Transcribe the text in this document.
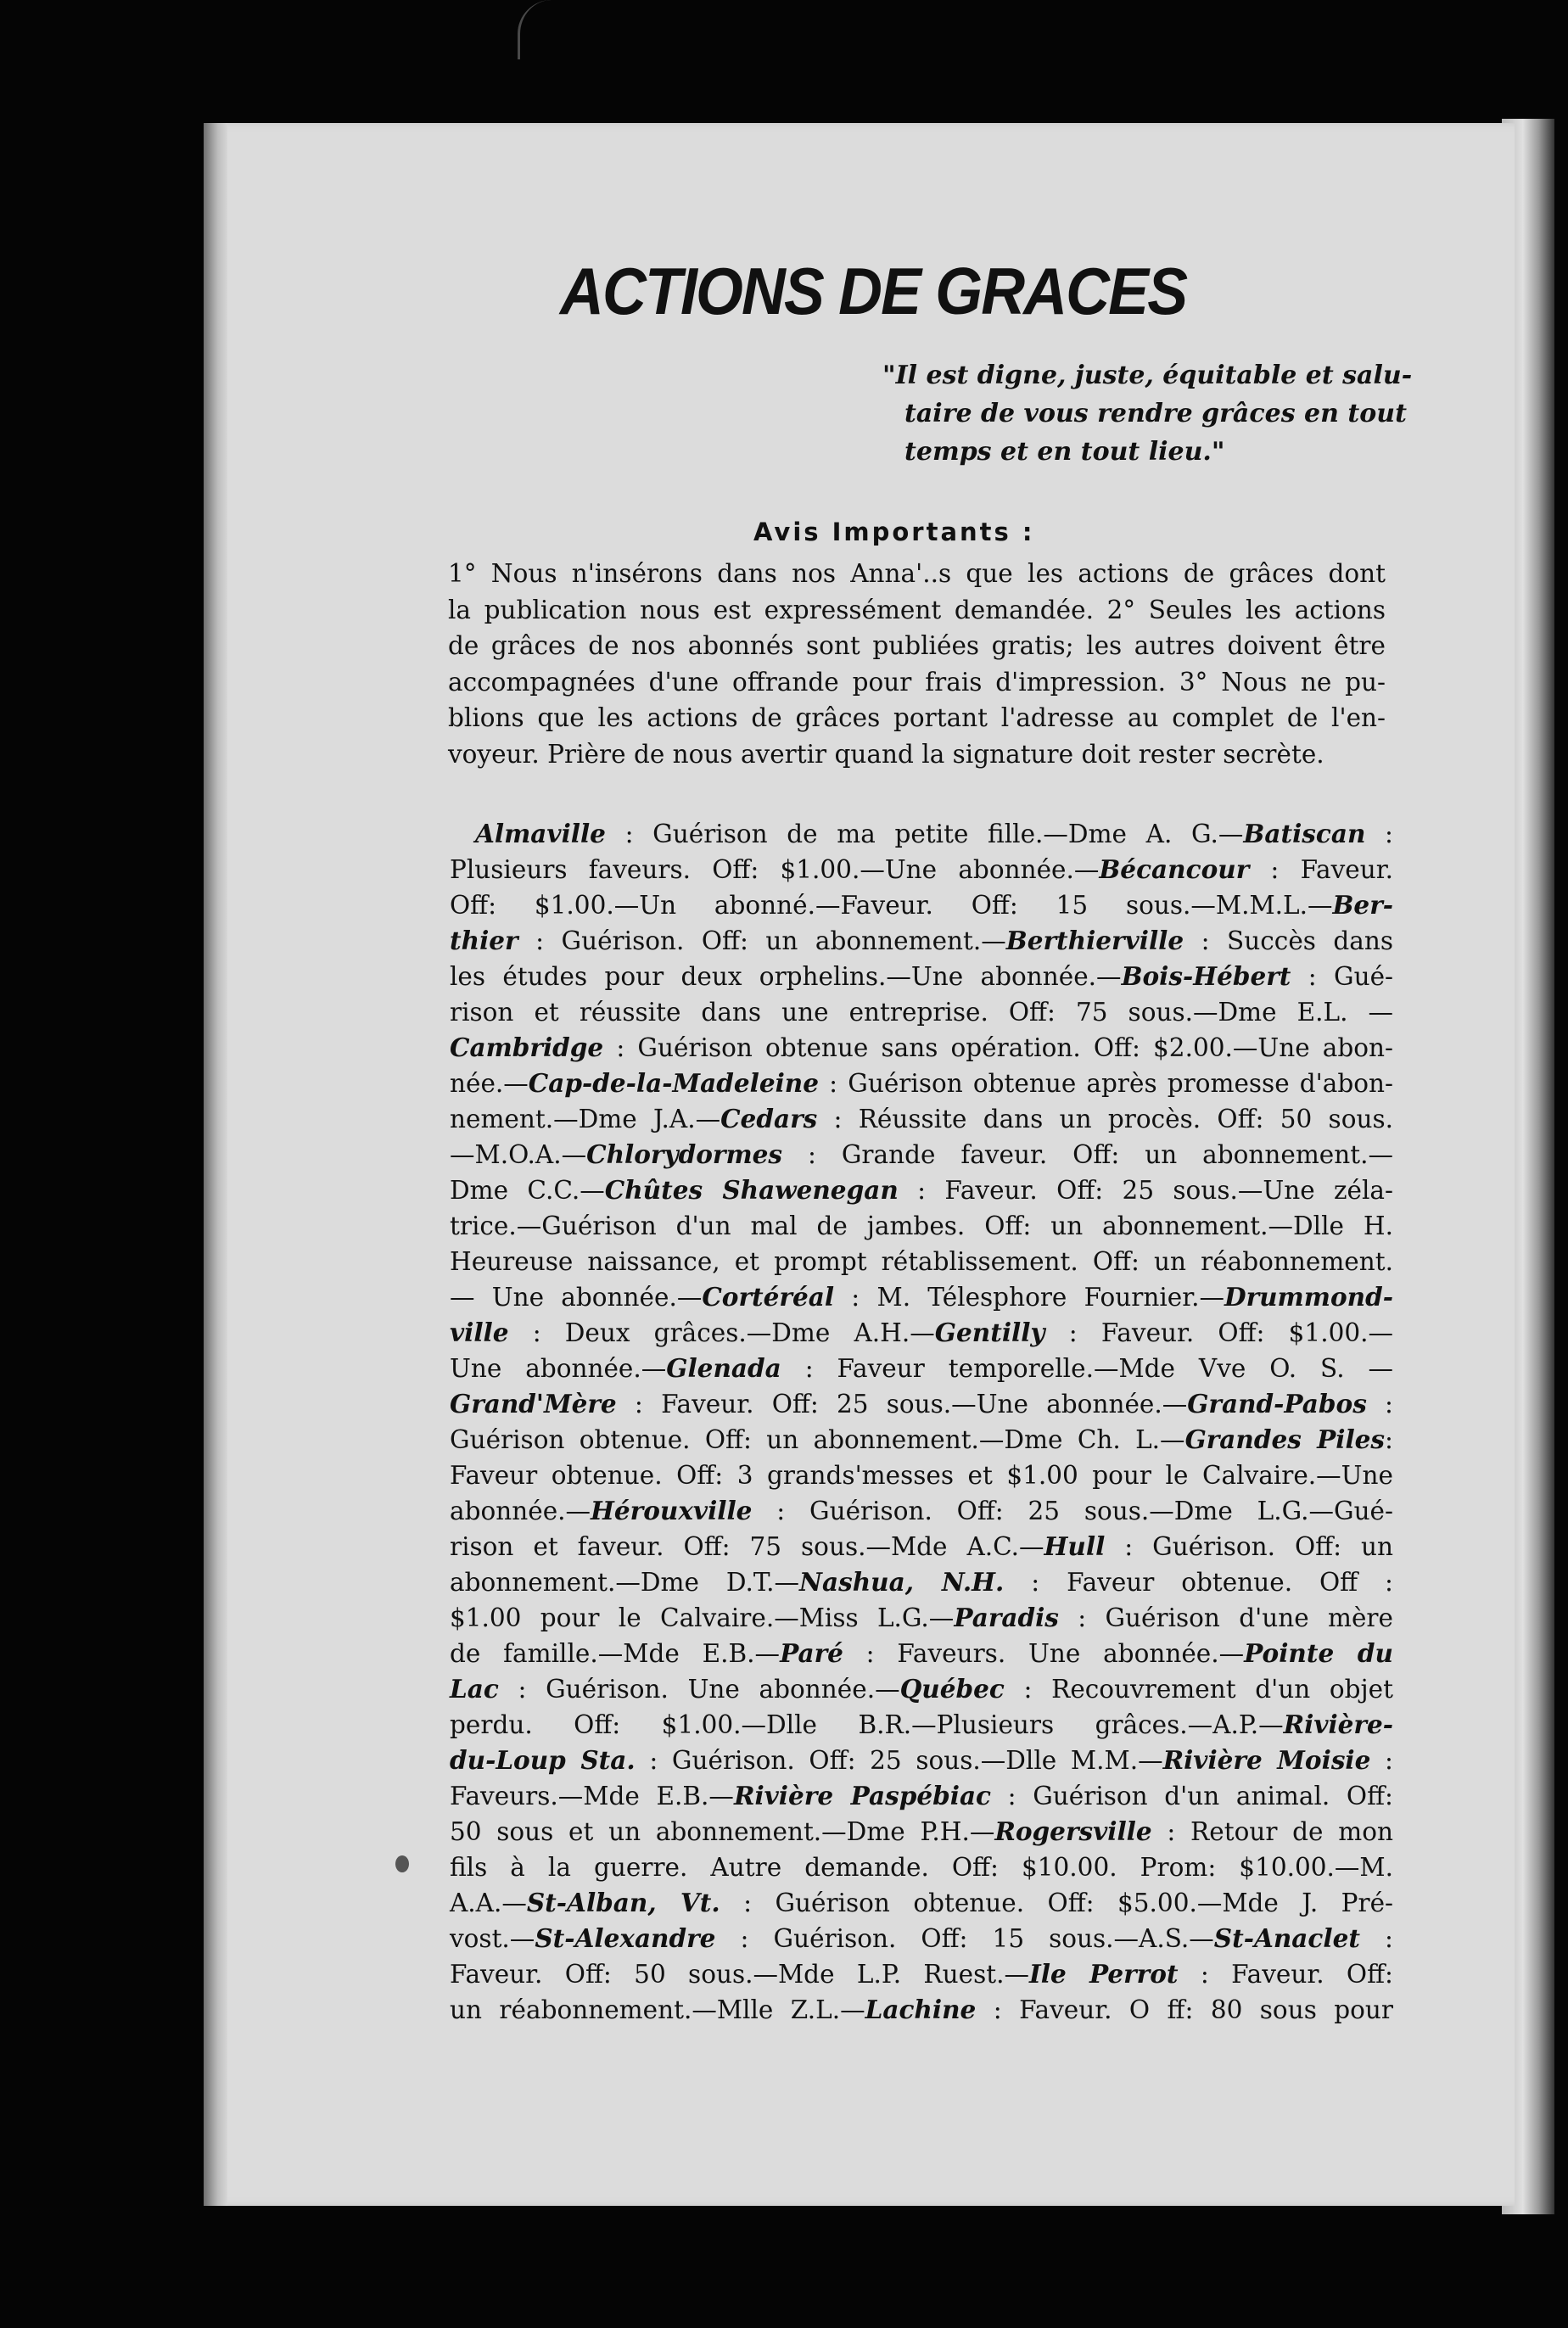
ACTIONS DE GRACES
"Il est digne, juste, équitable et salu-
taire de vous rendre grâces en tout
temps et en tout lieu."
Avis Importants :
1° Nous n'insérons dans nos Anna'..s que les actions de grâces dont
la publication nous est expressément demandée. 2° Seules les actions
de grâces de nos abonnés sont publiées gratis; les autres doivent être
accompagnées d'une offrande pour frais d'impression. 3° Nous ne pu-
blions que les actions de grâces portant l'adresse au complet de l'en-
voyeur. Prière de nous avertir quand la signature doit rester secrète.
Almaville : Guérison de ma petite fille.—Dme A. G.—Batiscan :
Plusieurs faveurs. Off: $1.00.—Une abonnée.—Bécancour : Faveur.
Off: $1.00.—Un abonné.—Faveur. Off: 15 sous.—M.M.L.—Ber-
thier : Guérison. Off: un abonnement.—Berthierville : Succès dans
les études pour deux orphelins.—Une abonnée.—Bois-Hébert : Gué-
rison et réussite dans une entreprise. Off: 75 sous.—Dme E.L. —
Cambridge : Guérison obtenue sans opération. Off: $2.00.—Une abon-
née.—Cap-de-la-Madeleine : Guérison obtenue après promesse d'abon-
nement.—Dme J.A.—Cedars : Réussite dans un procès. Off: 50 sous.
—M.O.A.—Chlorydormes : Grande faveur. Off: un abonnement.—
Dme C.C.—Chûtes Shawenegan : Faveur. Off: 25 sous.—Une zéla-
trice.—Guérison d'un mal de jambes. Off: un abonnement.—Dlle H.
Heureuse naissance, et prompt rétablissement. Off: un réabonnement.
— Une abonnée.—Cortéréal : M. Télesphore Fournier.—Drummond-
ville : Deux grâces.—Dme A.H.—Gentilly : Faveur. Off: $1.00.—
Une abonnée.—Glenada : Faveur temporelle.—Mde Vve O. S. —
Grand'Mère : Faveur. Off: 25 sous.—Une abonnée.—Grand-Pabos :
Guérison obtenue. Off: un abonnement.—Dme Ch. L.—Grandes Piles:
Faveur obtenue. Off: 3 grands'messes et $1.00 pour le Calvaire.—Une
abonnée.—Hérouxville : Guérison. Off: 25 sous.—Dme L.G.—Gué-
rison et faveur. Off: 75 sous.—Mde A.C.—Hull : Guérison. Off: un
abonnement.—Dme D.T.—Nashua, N.H. : Faveur obtenue. Off :
$1.00 pour le Calvaire.—Miss L.G.—Paradis : Guérison d'une mère
de famille.—Mde E.B.—Paré : Faveurs. Une abonnée.—Pointe du
Lac : Guérison. Une abonnée.—Québec : Recouvrement d'un objet
perdu. Off: $1.00.—Dlle B.R.—Plusieurs grâces.—A.P.—Rivière-
du-Loup Sta. : Guérison. Off: 25 sous.—Dlle M.M.—Rivière Moisie :
Faveurs.—Mde E.B.—Rivière Paspébiac : Guérison d'un animal. Off:
50 sous et un abonnement.—Dme P.H.—Rogersville : Retour de mon
fils à la guerre. Autre demande. Off: $10.00. Prom: $10.00.—M.
A.A.—St-Alban, Vt. : Guérison obtenue. Off: $5.00.—Mde J. Pré-
vost.—St-Alexandre : Guérison. Off: 15 sous.—A.S.—St-Anaclet :
Faveur. Off: 50 sous.—Mde L.P. Ruest.—Ile Perrot : Faveur. Off:
un réabonnement.—Mlle Z.L.—Lachine : Faveur. O ff: 80 sous pour
